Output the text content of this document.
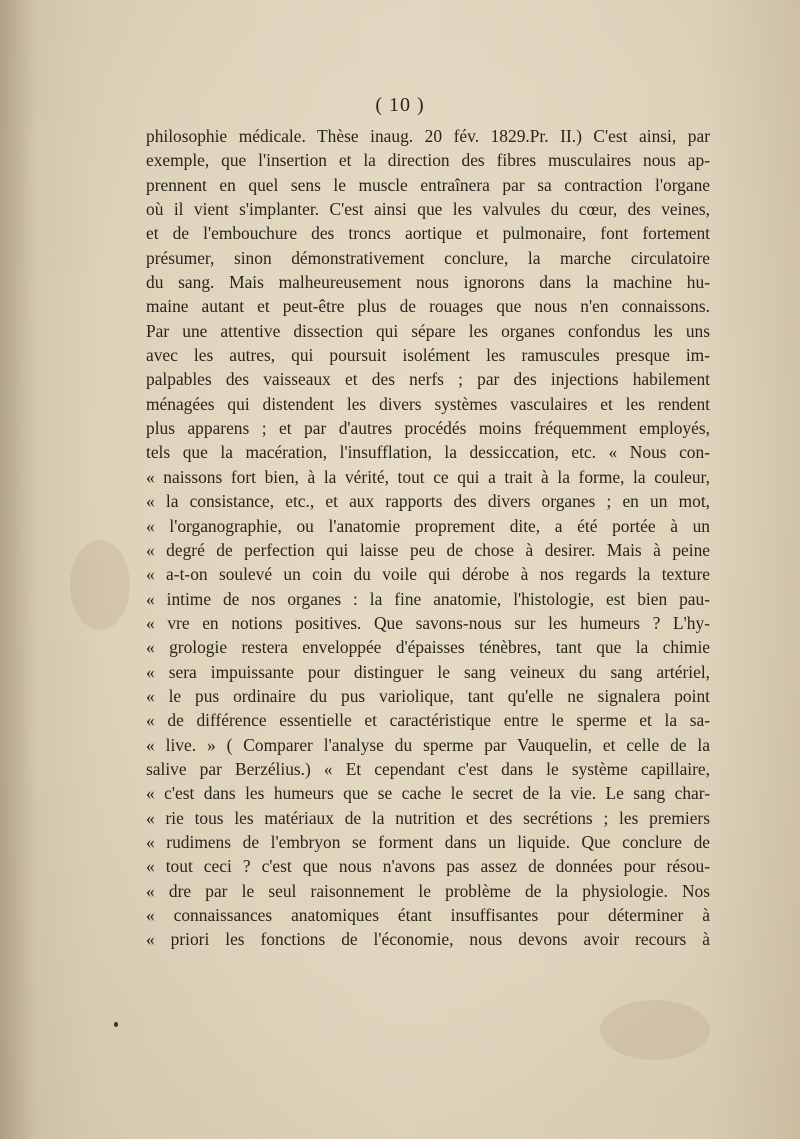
( 10 )
philosophie médicale. Thèse inaug. 20 fév. 1829.Pr. II.) C'est ainsi, par
exemple, que l'insertion et la direction des fibres musculaires nous ap-
prennent en quel sens le muscle entraînera par sa contraction l'organe
où il vient s'implanter. C'est ainsi que les valvules du cœur, des veines,
et de l'embouchure des troncs aortique et pulmonaire, font fortement
présumer, sinon démonstrativement conclure, la marche circulatoire
du sang. Mais malheureusement nous ignorons dans la machine hu-
maine autant et peut-être plus de rouages que nous n'en connaissons.
Par une attentive dissection qui sépare les organes confondus les uns
avec les autres, qui poursuit isolément les ramuscules presque im-
palpables des vaisseaux et des nerfs ; par des injections habilement
ménagées qui distendent les divers systèmes vasculaires et les rendent
plus apparens ; et par d'autres procédés moins fréquemment employés,
tels que la macération, l'insufflation, la dessiccation, etc. « Nous con-
« naissons fort bien, à la vérité, tout ce qui a trait à la forme, la couleur,
« la consistance, etc., et aux rapports des divers organes ; en un mot,
« l'organographie, ou l'anatomie proprement dite, a été portée à un
« degré de perfection qui laisse peu de chose à desirer. Mais à peine
« a-t-on soulevé un coin du voile qui dérobe à nos regards la texture
« intime de nos organes : la fine anatomie, l'histologie, est bien pau-
« vre en notions positives. Que savons-nous sur les humeurs ? L'hy-
« grologie restera enveloppée d'épaisses ténèbres, tant que la chimie
« sera impuissante pour distinguer le sang veineux du sang artériel,
« le pus ordinaire du pus variolique, tant qu'elle ne signalera point
« de différence essentielle et caractéristique entre le sperme et la sa-
« live. » ( Comparer l'analyse du sperme par Vauquelin, et celle de la
salive par Berzélius.) « Et cependant c'est dans le système capillaire,
« c'est dans les humeurs que se cache le secret de la vie. Le sang char-
« rie tous les matériaux de la nutrition et des secrétions ; les premiers
« rudimens de l'embryon se forment dans un liquide. Que conclure de
« tout ceci ? c'est que nous n'avons pas assez de données pour résou-
« dre par le seul raisonnement le problème de la physiologie. Nos
« connaissances anatomiques étant insuffisantes pour déterminer à
« priori les fonctions de l'économie, nous devons avoir recours à
